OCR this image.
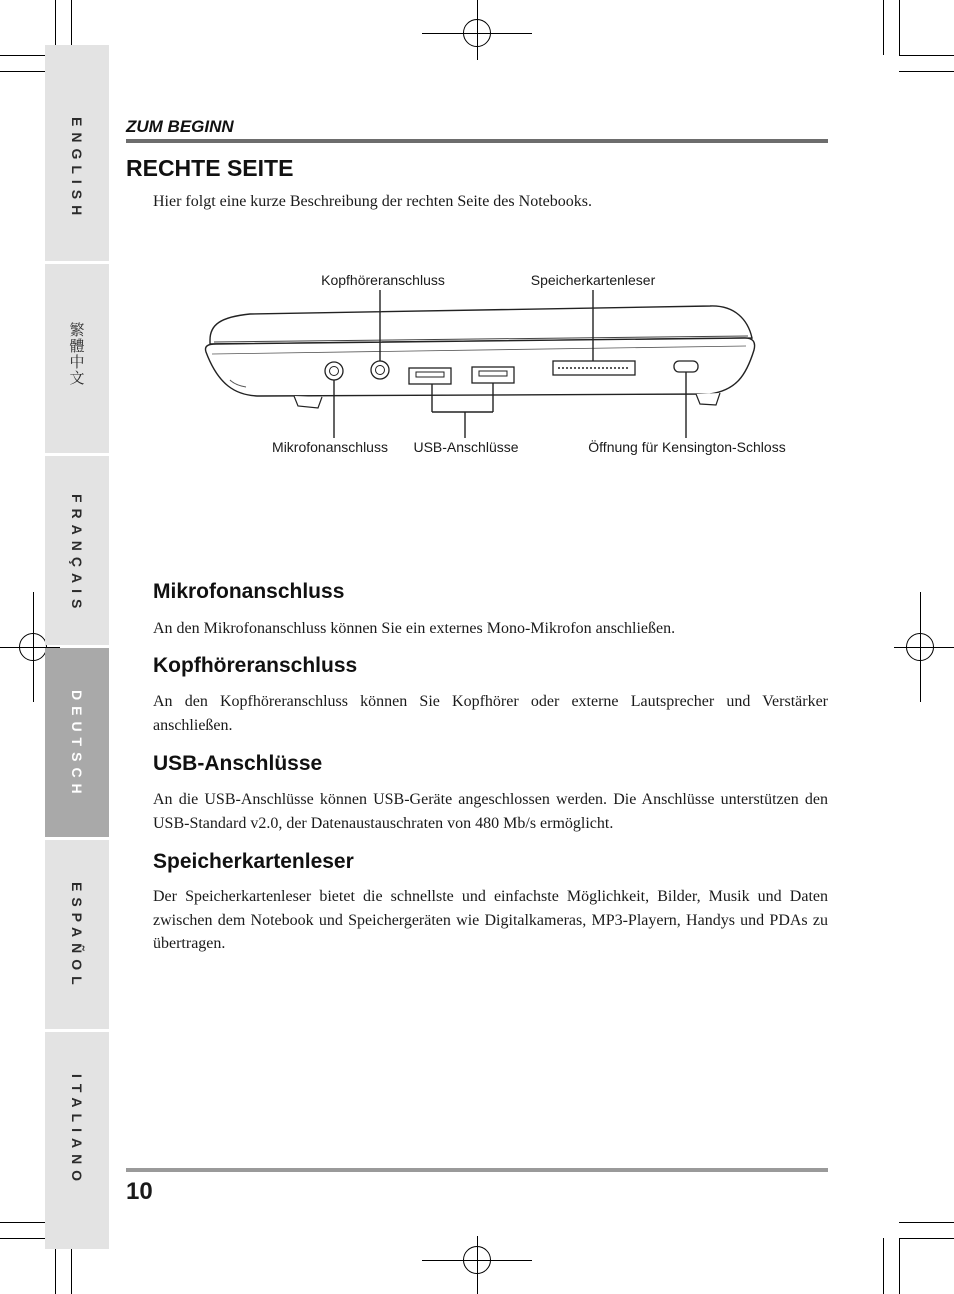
ENGLISH
繁體中文
FRANÇAIS
DEUTSCH
ESPAÑOL
ITALIANO
ZUM BEGINN
RECHTE SEITE
Hier folgt eine kurze Beschreibung der rechten Seite des Notebooks.
Kopfhöreranschluss	Speicherkartenleser
Mikrofonanschluss USB-Anschlüsse	Öffnung für Kensington-Schloss
Mikrofonanschluss
An den Mikrofonanschluss können Sie ein externes Mono-Mikrofon anschließen.
Kopfhöreranschluss
An den Kopfhöreranschluss können Sie Kopfhörer oder externe Lautsprecher und Verstärker anschließen.
USB-Anschlüsse
An die USB-Anschlüsse können USB-Geräte angeschlossen werden. Die Anschlüsse unterstützen den USB-Standard v2.0, der Datenaustauschraten von 480 Mb/s ermöglicht.
Speicherkartenleser
Der Speicherkartenleser bietet die schnellste und einfachste Möglichkeit, Bilder, Musik und Daten zwischen dem Notebook und Speichergeräten wie Digitalkameras, MP3-Playern, Handys und PDAs zu übertragen.
10
